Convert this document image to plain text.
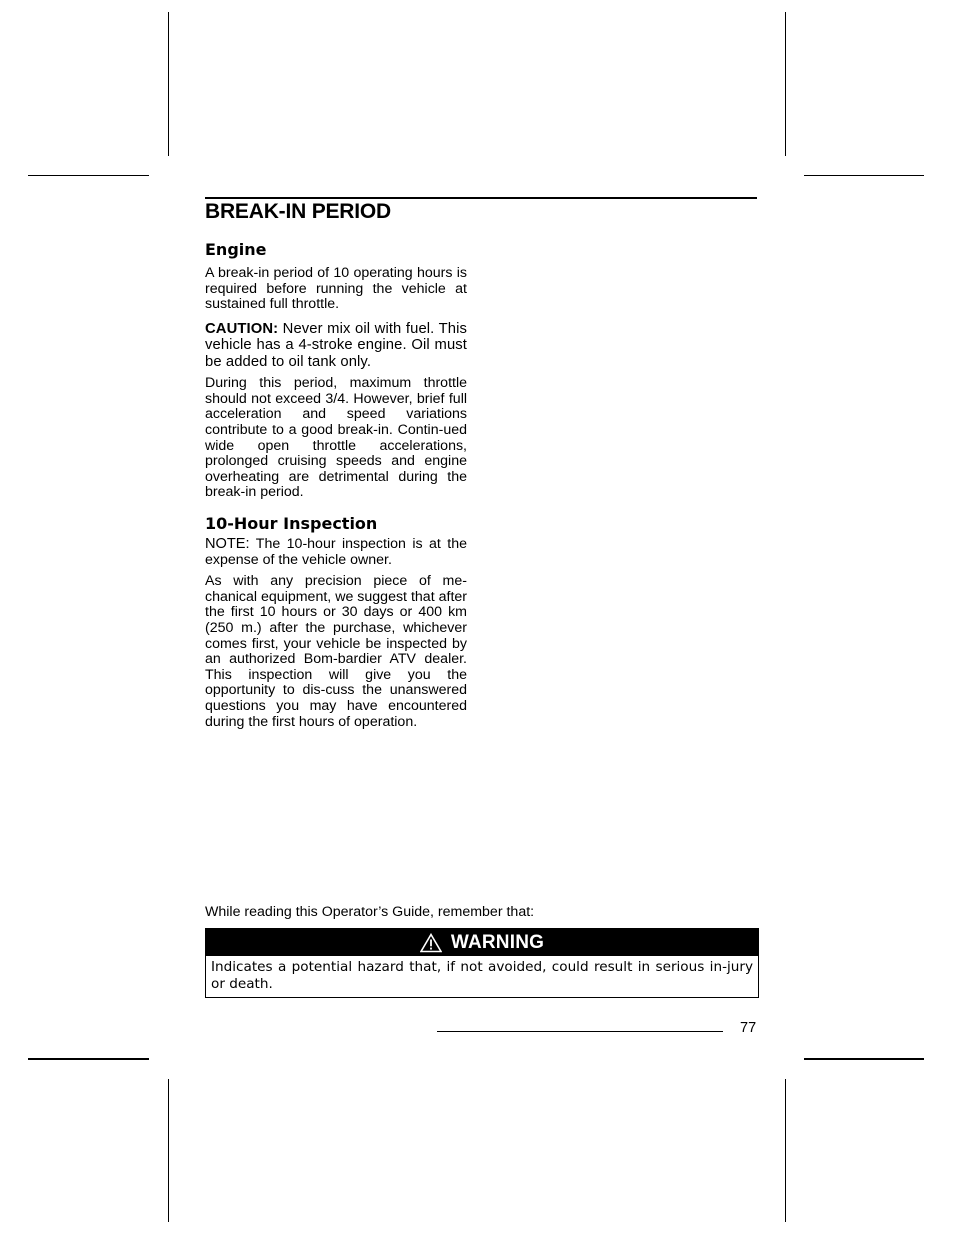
BREAK-IN PERIOD
Engine

A break-in period of 10 operating hours is required before running the vehicle at sustained full throttle.

CAUTION: Never mix oil with fuel. This vehicle has a 4-stroke engine. Oil must be added to oil tank only.

During this period, maximum throttle should not exceed 3/4. However, brief full acceleration and speed variations contribute to a good break-in. Contin-ued wide open throttle accelerations, prolonged cruising speeds and engine overheating are detrimental during the break-in period.

10-Hour Inspection

NOTE: The 10-hour inspection is at the expense of the vehicle owner.

As with any precision piece of me-chanical equipment, we suggest that after the first 10 hours or 30 days or 400 km (250 m.) after the purchase, whichever comes first, your vehicle be inspected by an authorized Bom-bardier ATV dealer. This inspection will give you the opportunity to dis-cuss the unanswered questions you may have encountered during the first hours of operation.

While reading this Operator’s Guide, remember that:

WARNING

Indicates a potential hazard that, if not avoided, could result in serious in-jury or death.

77
